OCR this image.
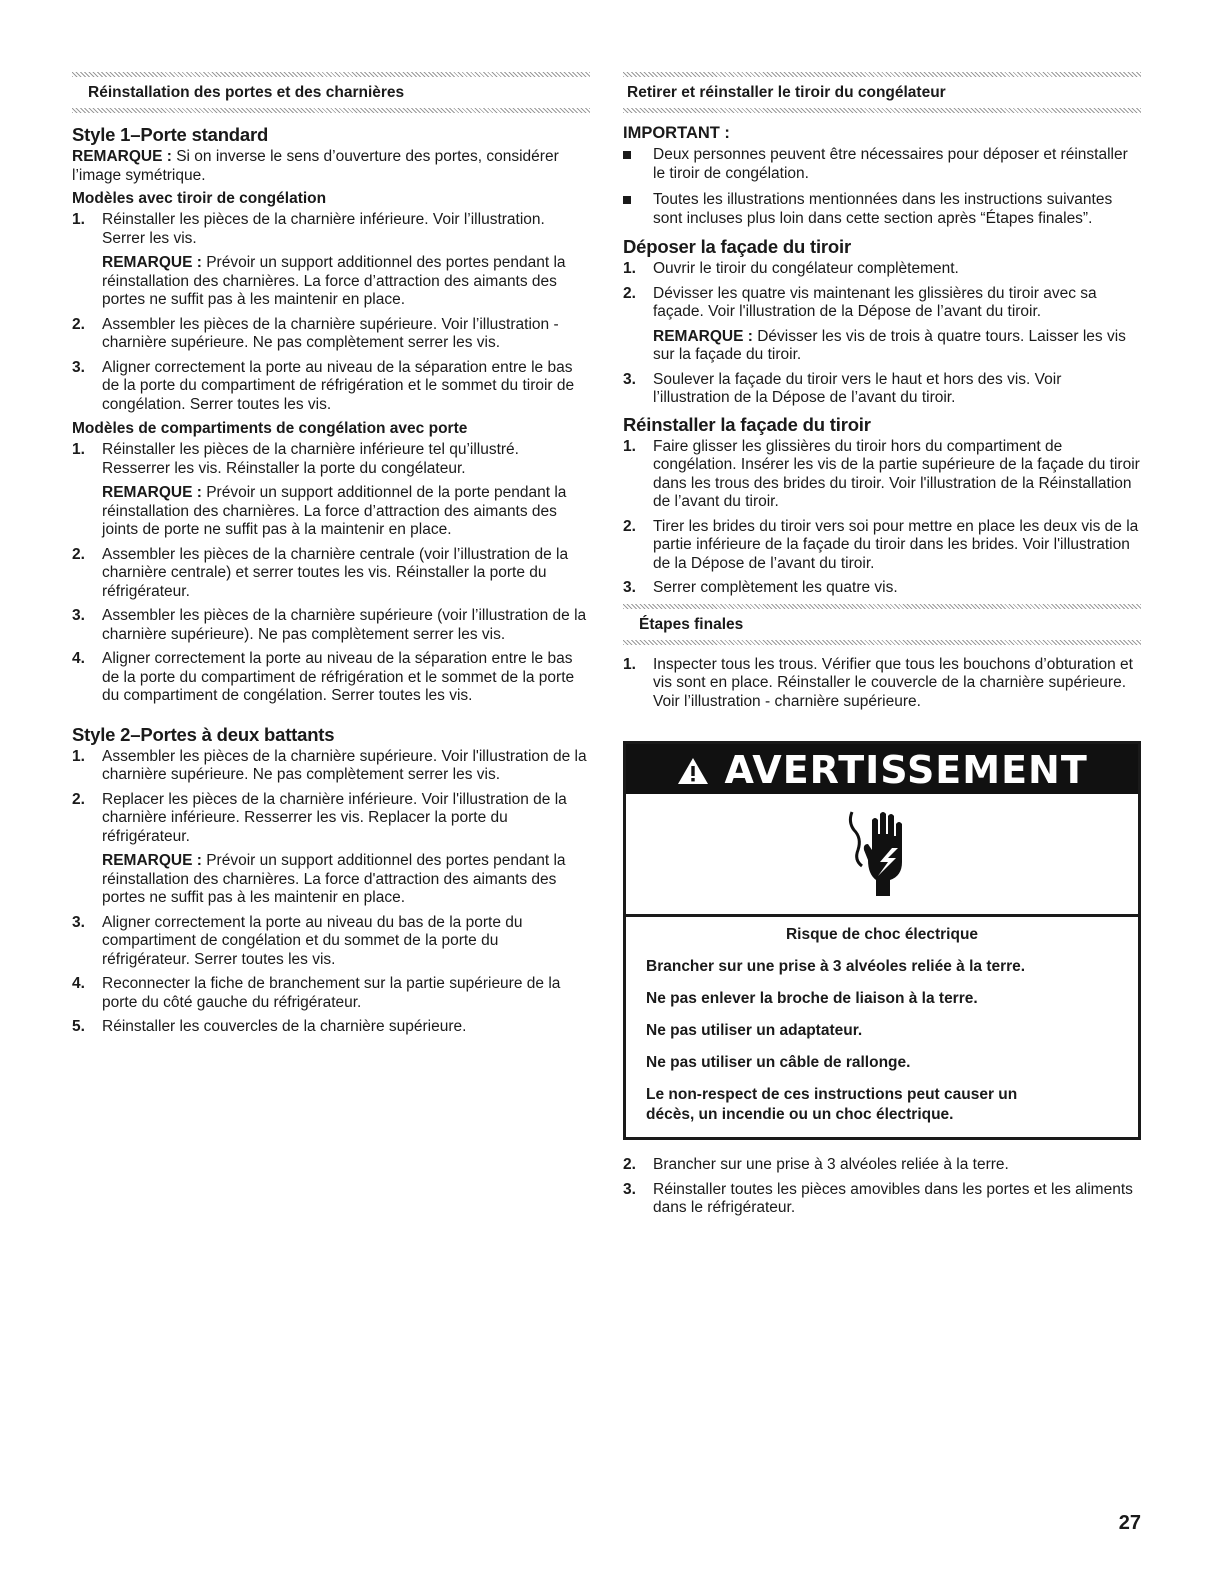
Réinstallation des portes et des charnières
Style 1–Porte standard

REMARQUE : Si on inverse le sens d’ouverture des portes, considérer l’image symétrique.

Modèles avec tiroir de congélation
1. Réinstaller les pièces de la charnière inférieure. Voir l’illustration. Serrer les vis.

REMARQUE : Prévoir un support additionnel des portes pendant la réinstallation des charnières. La force d’attraction des aimants des portes ne suffit pas à les maintenir en place.

2. Assembler les pièces de la charnière supérieure. Voir l’illustration - charnière supérieure. Ne pas complètement serrer les vis.
3. Aligner correctement la porte au niveau de la séparation entre le bas de la porte du compartiment de réfrigération et le sommet du tiroir de congélation. Serrer toutes les vis.
Modèles de compartiments de congélation avec porte
1. Réinstaller les pièces de la charnière inférieure tel qu’illustré. Resserrer les vis. Réinstaller la porte du congélateur.

REMARQUE : Prévoir un support additionnel de la porte pendant la réinstallation des charnières. La force d’attraction des aimants des joints de porte ne suffit pas à la maintenir en place.

2. Assembler les pièces de la charnière centrale (voir l’illustration de la charnière centrale) et serrer toutes les vis. Réinstaller la porte du réfrigérateur.
3. Assembler les pièces de la charnière supérieure (voir l’illustration de la charnière supérieure). Ne pas complètement serrer les vis.
4. Aligner correctement la porte au niveau de la séparation entre le bas de la porte du compartiment de réfrigération et le sommet de la porte du compartiment de congélation. Serrer toutes les vis.
Style 2–Portes à deux battants
1. Assembler les pièces de la charnière supérieure. Voir l'illustration de la charnière supérieure. Ne pas complètement serrer les vis.
2. Replacer les pièces de la charnière inférieure. Voir l'illustration de la charnière inférieure. Resserrer les vis. Replacer la porte du réfrigérateur.

REMARQUE : Prévoir un support additionnel des portes pendant la réinstallation des charnières. La force d'attraction des aimants des portes ne suffit pas à les maintenir en place.

3. Aligner correctement la porte au niveau du bas de la porte du compartiment de congélation et du sommet de la porte du réfrigérateur. Serrer toutes les vis.
4. Reconnecter la fiche de branchement sur la partie supérieure de la porte du côté gauche du réfrigérateur.
5. Réinstaller les couvercles de la charnière supérieure.
Retirer et réinstaller le tiroir du congélateur
IMPORTANT :
Deux personnes peuvent être nécessaires pour déposer et réinstaller le tiroir de congélation.
Toutes les illustrations mentionnées dans les instructions suivantes sont incluses plus loin dans cette section après “Étapes finales”.
Déposer la façade du tiroir
1. Ouvrir le tiroir du congélateur complètement.
2. Dévisser les quatre vis maintenant les glissières du tiroir avec sa façade. Voir l'illustration de la Dépose de l’avant du tiroir.

REMARQUE : Dévisser les vis de trois à quatre tours. Laisser les vis sur la façade du tiroir.

3. Soulever la façade du tiroir vers le haut et hors des vis. Voir l’illustration de la Dépose de l’avant du tiroir.
Réinstaller la façade du tiroir
1. Faire glisser les glissières du tiroir hors du compartiment de congélation. Insérer les vis de la partie supérieure de la façade du tiroir dans les trous des brides du tiroir. Voir l'illustration de la Réinstallation de l’avant du tiroir.
2. Tirer les brides du tiroir vers soi pour mettre en place les deux vis de la partie inférieure de la façade du tiroir dans les brides. Voir l'illustration de la Dépose de l’avant du tiroir.
3. Serrer complètement les quatre vis.
Étapes finales
1. Inspecter tous les trous. Vérifier que tous les bouchons d’obturation et vis sont en place. Réinstaller le couvercle de la charnière supérieure. Voir l’illustration - charnière supérieure.
AVERTISSEMENT

Risque de choc électrique

Brancher sur une prise à 3 alvéoles reliée à la terre.

Ne pas enlever la broche de liaison à la terre.

Ne pas utiliser un adaptateur.

Ne pas utiliser un câble de rallonge.

Le non-respect de ces instructions peut causer un décès, un incendie ou un choc électrique.

2. Brancher sur une prise à 3 alvéoles reliée à la terre.
3. Réinstaller toutes les pièces amovibles dans les portes et les aliments dans le réfrigérateur.
27
